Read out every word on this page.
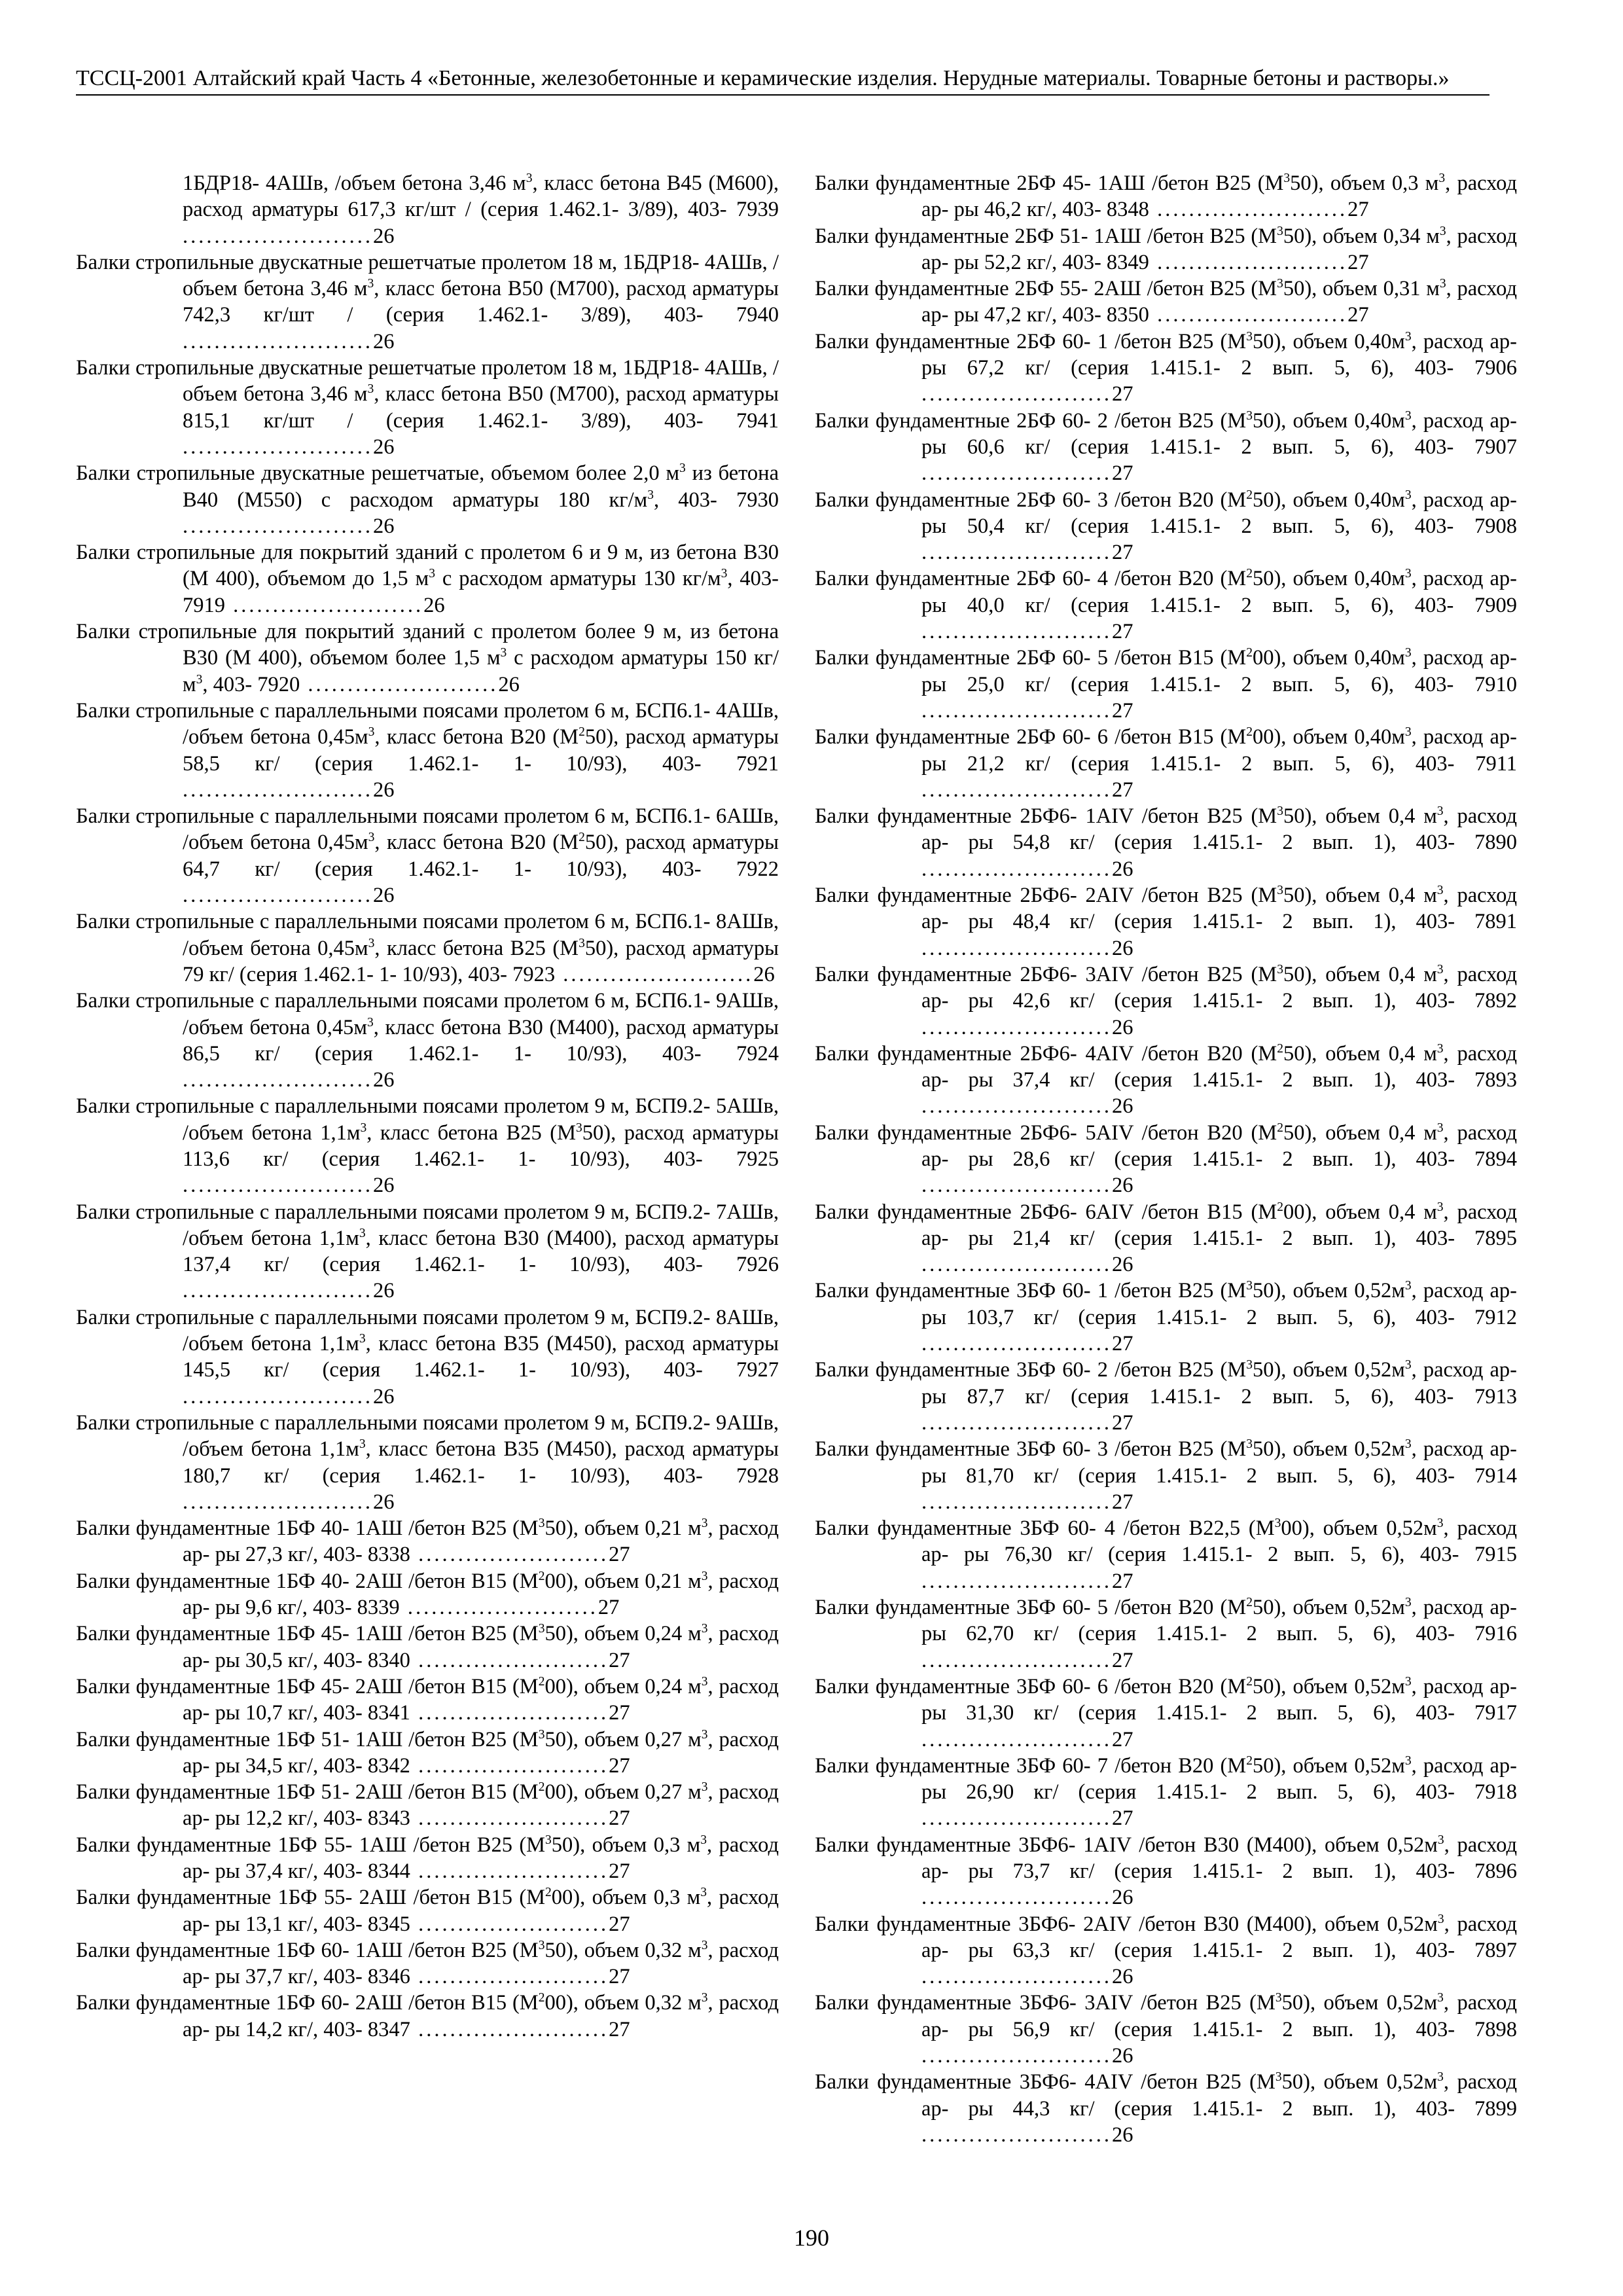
ТССЦ-2001 Алтайский край Часть 4 «Бетонные, железобетонные и керамические изделия. Нерудные материалы. Товарные бетоны и растворы.»

1БДР18- 4АШв, /объем бетона 3,46 $м^3$, класс бетона В45 (М600), расход арматуры 617,3 кг/шт / (серия 1.462.1- 3/89), 403- 7939 ........................26

Балки стропильные двускатные решетчатые пролетом 18 м, 1БДР18- 4АШв, /объем бетона 3,46 $м^3$, класс бетона В50 (М700), расход арматуры 742,3 кг/шт / (серия 1.462.1- 3/89), 403- 7940 ........................26

Балки стропильные двускатные решетчатые пролетом 18 м, 1БДР18- 4АШв, /объем бетона 3,46 $м^3$, класс бетона В50 (М700), расход арматуры 815,1 кг/шт / (серия 1.462.1- 3/89), 403- 7941 ........................26

Балки стропильные двускатные решетчатые, объемом более 2,0 $м^3$ из бетона В40 (М550) с расходом арматуры 180 $кг/м^3$, 403- 7930 ........................26

Балки стропильные для покрытий зданий с пролетом 6 и 9 м, из бетона В30 (М 400), объемом до 1,5 $м^3$ с расходом арматуры 130 $кг/м^3$, 403- 7919 ........................26

Балки стропильные для покрытий зданий с пролетом более 9 м, из бетона В30 (М 400), объемом более 1,5 $м^3$ с расходом арматуры 150 $кг/м^3$, 403- 7920 ........................26

Балки стропильные с параллельными поясами пролетом 6 м, БСП6.1- 4АШв, /объем бетона $0,45м^3$, класс бетона В20 $(М^250)$, расход арматуры 58,5 кг/ (серия 1.462.1- 1- 10/93), 403- 7921 ........................26

Балки стропильные с параллельными поясами пролетом 6 м, БСП6.1- 6АШв, /объем бетона $0,45м^3$, класс бетона В20 $(М^250)$, расход арматуры 64,7 кг/ (серия 1.462.1- 1- 10/93), 403- 7922 ........................26

Балки стропильные с параллельными поясами пролетом 6 м, БСП6.1- 8АШв, /объем бетона $0,45м^3$, класс бетона В25 $(М^350)$, расход арматуры 79 кг/ (серия 1.462.1- 1- 10/93), 403- 7923 ........................26

Балки стропильные с параллельными поясами пролетом 6 м, БСП6.1- 9АШв, /объем бетона $0,45м^3$, класс бетона В30 (М400), расход арматуры 86,5 кг/ (серия 1.462.1- 1- 10/93), 403- 7924 ........................26

Балки стропильные с параллельными поясами пролетом 9 м, БСП9.2- 5АШв, /объем бетона $1,1м^3$, класс бетона В25 $(М^350)$, расход арматуры 113,6 кг/ (серия 1.462.1- 1- 10/93), 403- 7925 ........................26

Балки стропильные с параллельными поясами пролетом 9 м, БСП9.2- 7АШв, /объем бетона $1,1м^3$, класс бетона В30 (М400), расход арматуры 137,4 кг/ (серия 1.462.1- 1- 10/93), 403- 7926 ........................26

Балки стропильные с параллельными поясами пролетом 9 м, БСП9.2- 8АШв, /объем бетона $1,1м^3$, класс бетона В35 (М450), расход арматуры 145,5 кг/ (серия 1.462.1- 1- 10/93), 403- 7927 ........................26

Балки стропильные с параллельными поясами пролетом 9 м, БСП9.2- 9АШв, /объем бетона $1,1м^3$, класс бетона В35 (М450), расход арматуры 180,7 кг/ (серия 1.462.1- 1- 10/93), 403- 7928 ........................26

Балки фундаментные 1БФ 40- 1АШ /бетон В25 $(М^350)$, объем 0,21 $м^3$, расход ар- ры 27,3 кг/, 403- 8338 ........................27

Балки фундаментные 1БФ 40- 2АШ /бетон В15 $(М^200)$, объем 0,21 $м^3$, расход ар- ры 9,6 кг/, 403- 8339 ........................27

Балки фундаментные 1БФ 45- 1АШ /бетон В25 $(М^350)$, объем 0,24 $м^3$, расход ар- ры 30,5 кг/, 403- 8340 ........................27

Балки фундаментные 1БФ 45- 2АШ /бетон В15 $(М^200)$, объем 0,24 $м^3$, расход ар- ры 10,7 кг/, 403- 8341 ........................27

Балки фундаментные 1БФ 51- 1АШ /бетон В25 $(М^350)$, объем 0,27 $м^3$, расход ар- ры 34,5 кг/, 403- 8342 ........................27

Балки фундаментные 1БФ 51- 2АШ /бетон В15 $(М^200)$, объем 0,27 $м^3$, расход ар- ры 12,2 кг/, 403- 8343 ........................27

Балки фундаментные 1БФ 55- 1АШ /бетон В25 $(М^350)$, объем 0,3 $м^3$, расход ар- ры 37,4 кг/, 403- 8344 ........................27

Балки фундаментные 1БФ 55- 2АШ /бетон В15 $(М^200)$, объем 0,3 $м^3$, расход ар- ры 13,1 кг/, 403- 8345 ........................27

Балки фундаментные 1БФ 60- 1АШ /бетон В25 $(М^350)$, объем 0,32 $м^3$, расход ар- ры 37,7 кг/, 403- 8346 ........................27

Балки фундаментные 1БФ 60- 2АШ /бетон В15 $(М^200)$, объем 0,32 $м^3$, расход ар- ры 14,2 кг/, 403- 8347 ........................27

Балки фундаментные 2БФ 45- 1АШ /бетон В25 $(М^350)$, объем 0,3 $м^3$, расход ар- ры 46,2 кг/, 403- 8348 ........................27

Балки фундаментные 2БФ 51- 1АШ /бетон В25 $(М^350)$, объем 0,34 $м^3$, расход ар- ры 52,2 кг/, 403- 8349 ........................27

Балки фундаментные 2БФ 55- 2АШ /бетон В25 $(М^350)$, объем 0,31 $м^3$, расход ар- ры 47,2 кг/, 403- 8350 ........................27

Балки фундаментные 2БФ 60- 1 /бетон В25 $(М^350)$, объем $0,40м^3$, расход ар- ры 67,2 кг/ (серия 1.415.1- 2 вып. 5, 6), 403- 7906 ........................27

Балки фундаментные 2БФ 60- 2 /бетон В25 $(М^350)$, объем $0,40м^3$, расход ар- ры 60,6 кг/ (серия 1.415.1- 2 вып. 5, 6), 403- 7907 ........................27

Балки фундаментные 2БФ 60- 3 /бетон В20 $(М^250)$, объем $0,40м^3$, расход ар- ры 50,4 кг/ (серия 1.415.1- 2 вып. 5, 6), 403- 7908 ........................27

Балки фундаментные 2БФ 60- 4 /бетон В20 $(М^250)$, объем $0,40м^3$, расход ар- ры 40,0 кг/ (серия 1.415.1- 2 вып. 5, 6), 403- 7909 ........................27

Балки фундаментные 2БФ 60- 5 /бетон В15 $(М^200)$, объем $0,40м^3$, расход ар- ры 25,0 кг/ (серия 1.415.1- 2 вып. 5, 6), 403- 7910 ........................27

Балки фундаментные 2БФ 60- 6 /бетон В15 $(М^200)$, объем $0,40м^3$, расход ар- ры 21,2 кг/ (серия 1.415.1- 2 вып. 5, 6), 403- 7911 ........................27

Балки фундаментные 2БФ6- 1АIV /бетон В25 $(М^350)$, объем 0,4 $м^3$, расход ар- ры 54,8 кг/ (серия 1.415.1- 2 вып. 1), 403- 7890 ........................26

Балки фундаментные 2БФ6- 2АIV /бетон В25 $(М^350)$, объем 0,4 $м^3$, расход ар- ры 48,4 кг/ (серия 1.415.1- 2 вып. 1), 403- 7891 ........................26

Балки фундаментные 2БФ6- 3АIV /бетон В25 $(М^350)$, объем 0,4 $м^3$, расход ар- ры 42,6 кг/ (серия 1.415.1- 2 вып. 1), 403- 7892 ........................26

Балки фундаментные 2БФ6- 4АIV /бетон В20 $(М^250)$, объем 0,4 $м^3$, расход ар- ры 37,4 кг/ (серия 1.415.1- 2 вып. 1), 403- 7893 ........................26

Балки фундаментные 2БФ6- 5АIV /бетон В20 $(М^250)$, объем 0,4 $м^3$, расход ар- ры 28,6 кг/ (серия 1.415.1- 2 вып. 1), 403- 7894 ........................26

Балки фундаментные 2БФ6- 6АIV /бетон В15 $(М^200)$, объем 0,4 $м^3$, расход ар- ры 21,4 кг/ (серия 1.415.1- 2 вып. 1), 403- 7895 ........................26

Балки фундаментные 3БФ 60- 1 /бетон В25 $(М^350)$, объем $0,52м^3$, расход ар- ры 103,7 кг/ (серия 1.415.1- 2 вып. 5, 6), 403- 7912 ........................27

Балки фундаментные 3БФ 60- 2 /бетон В25 $(М^350)$, объем $0,52м^3$, расход ар- ры 87,7 кг/ (серия 1.415.1- 2 вып. 5, 6), 403- 7913 ........................27

Балки фундаментные 3БФ 60- 3 /бетон В25 $(М^350)$, объем $0,52м^3$, расход ар- ры 81,70 кг/ (серия 1.415.1- 2 вып. 5, 6), 403- 7914 ........................27

Балки фундаментные 3БФ 60- 4 /бетон В22,5 $(М^300)$, объем $0,52м^3$, расход ар- ры 76,30 кг/ (серия 1.415.1- 2 вып. 5, 6), 403- 7915 ........................27

Балки фундаментные 3БФ 60- 5 /бетон В20 $(М^250)$, объем $0,52м^3$, расход ар- ры 62,70 кг/ (серия 1.415.1- 2 вып. 5, 6), 403- 7916 ........................27

Балки фундаментные 3БФ 60- 6 /бетон В20 $(М^250)$, объем $0,52м^3$, расход ар- ры 31,30 кг/ (серия 1.415.1- 2 вып. 5, 6), 403- 7917 ........................27

Балки фундаментные 3БФ 60- 7 /бетон В20 $(М^250)$, объем $0,52м^3$, расход ар- ры 26,90 кг/ (серия 1.415.1- 2 вып. 5, 6), 403- 7918 ........................27

Балки фундаментные 3БФ6- 1АIV /бетон В30 (М400), объем $0,52м^3$, расход ар- ры 73,7 кг/ (серия 1.415.1- 2 вып. 1), 403- 7896 ........................26

Балки фундаментные 3БФ6- 2АIV /бетон В30 (М400), объем $0,52м^3$, расход ар- ры 63,3 кг/ (серия 1.415.1- 2 вып. 1), 403- 7897 ........................26

Балки фундаментные 3БФ6- 3АIV /бетон В25 $(М^350)$, объем $0,52м^3$, расход ар- ры 56,9 кг/ (серия 1.415.1- 2 вып. 1), 403- 7898 ........................26

Балки фундаментные 3БФ6- 4АIV /бетон В25 $(М^350)$, объем $0,52м^3$, расход ар- ры 44,3 кг/ (серия 1.415.1- 2 вып. 1), 403- 7899 ........................26

190
